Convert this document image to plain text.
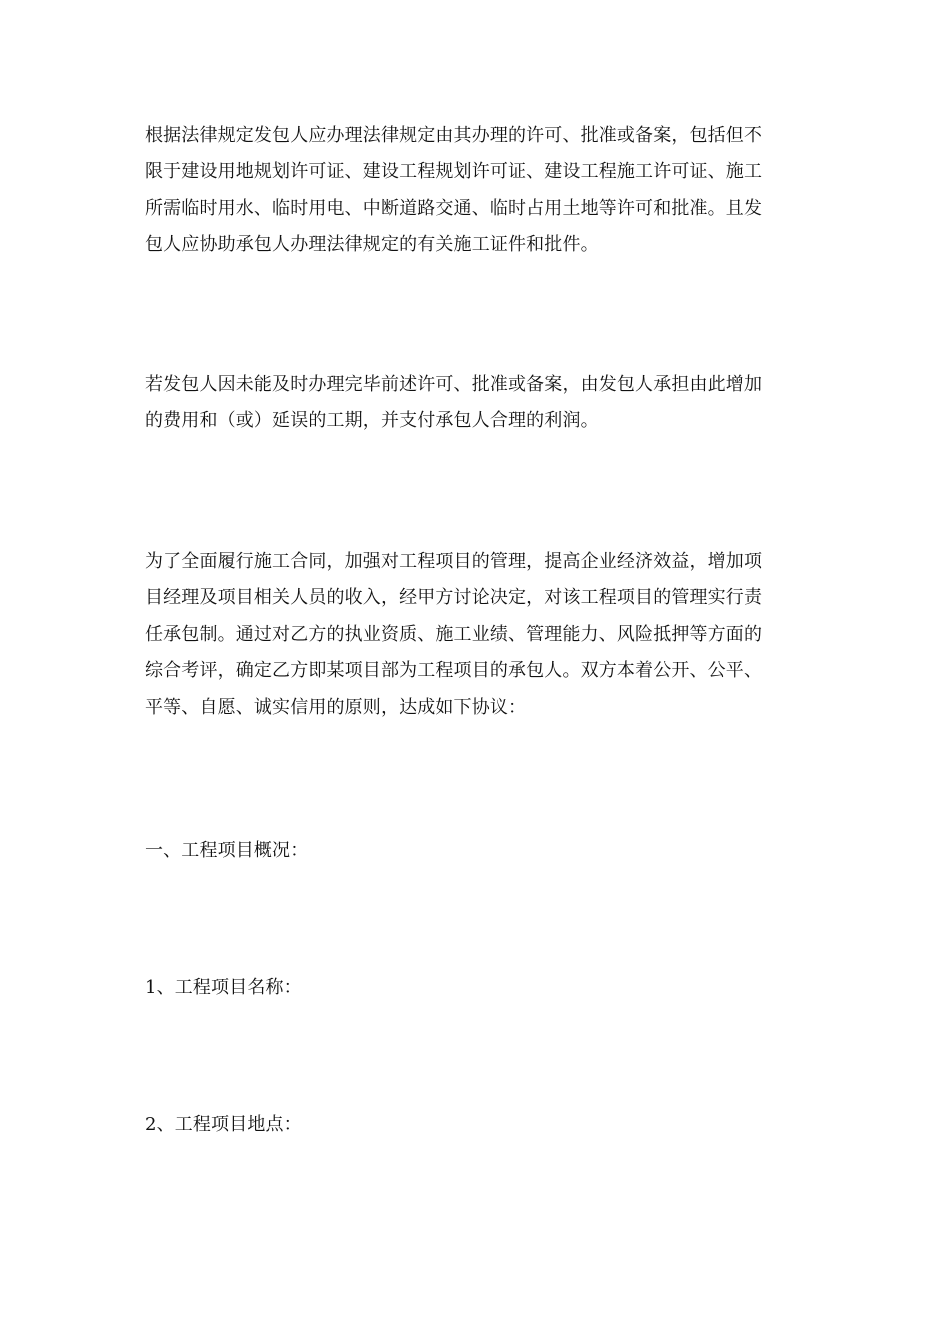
根据法律规定发包人应办理法律规定由其办理的许可、批准或备案，包括但不
限于建设用地规划许可证、建设工程规划许可证、建设工程施工许可证、施工
所需临时用水、临时用电、中断道路交通、临时占用土地等许可和批准。且发
包人应协助承包人办理法律规定的有关施工证件和批件。

若发包人因未能及时办理完毕前述许可、批准或备案，由发包人承担由此增加
的费用和（或）延误的工期，并支付承包人合理的利润。

为了全面履行施工合同，加强对工程项目的管理，提高企业经济效益，增加项
目经理及项目相关人员的收入，经甲方讨论决定，对该工程项目的管理实行责
任承包制。通过对乙方的执业资质、施工业绩、管理能力、风险抵押等方面的
综合考评，确定乙方即某项目部为工程项目的承包人。双方本着公开、公平、
平等、自愿、诚实信用的原则，达成如下协议：

一、工程项目概况：

1、工程项目名称：

2、工程项目地点：
